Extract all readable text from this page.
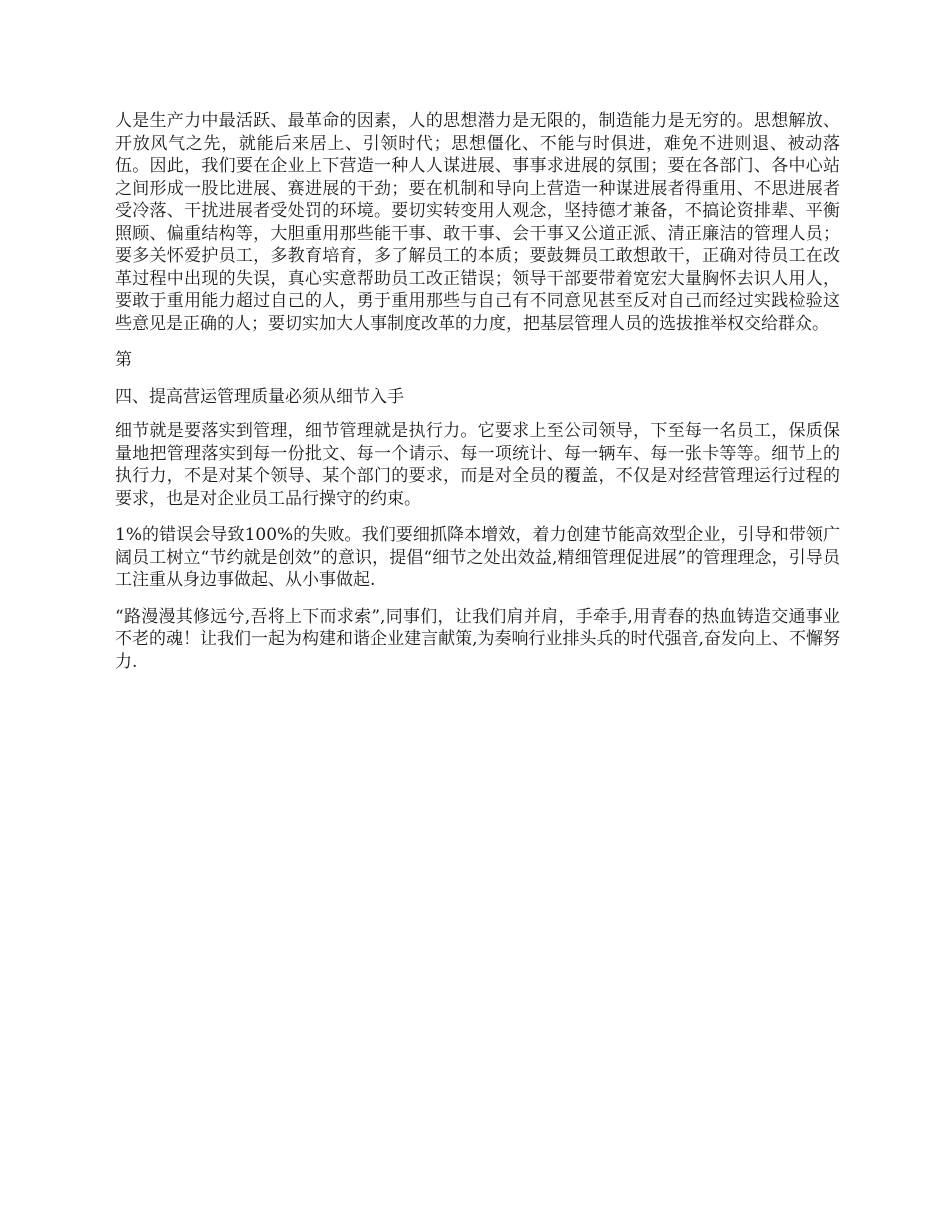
人是生产力中最活跃、最革命的因素，人的思想潜力是无限的，制造能力是无穷的。思想解放、开放风气之先，就能后来居上、引领时代；思想僵化、不能与时俱进，难免不进则退、被动落伍。因此，我们要在企业上下营造一种人人谋进展、事事求进展的氛围；要在各部门、各中心站之间形成一股比进展、赛进展的干劲；要在机制和导向上营造一种谋进展者得重用、不思进展者受冷落、干扰进展者受处罚的环境。要切实转变用人观念，坚持德才兼备，不搞论资排辈、平衡照顾、偏重结构等，大胆重用那些能干事、敢干事、会干事又公道正派、清正廉洁的管理人员；要多关怀爱护员工，多教育培育，多了解员工的本质；要鼓舞员工敢想敢干，正确对待员工在改革过程中出现的失误，真心实意帮助员工改正错误；领导干部要带着宽宏大量胸怀去识人用人，要敢于重用能力超过自己的人，勇于重用那些与自己有不同意见甚至反对自己而经过实践检验这些意见是正确的人；要切实加大人事制度改革的力度，把基层管理人员的选拔推举权交给群众。

第

四、提高营运管理质量必须从细节入手

细节就是要落实到管理，细节管理就是执行力。它要求上至公司领导，下至每一名员工，保质保量地把管理落实到每一份批文、每一个请示、每一项统计、每一辆车、每一张卡等等。细节上的执行力，不是对某个领导、某个部门的要求，而是对全员的覆盖，不仅是对经营管理运行过程的要求，也是对企业员工品行操守的约束。

1%的错误会导致100%的失败。我们要细抓降本增效，着力创建节能高效型企业，引导和带领广阔员工树立“节约就是创效”的意识，提倡“细节之处出效益,精细管理促进展”的管理理念，引导员工注重从身边事做起、从小事做起.

“路漫漫其修远兮,吾将上下而求索”,同事们，让我们肩并肩，手牵手,用青春的热血铸造交通事业不老的魂！让我们一起为构建和谐企业建言献策,为奏响行业排头兵的时代强音,奋发向上、不懈努力.
